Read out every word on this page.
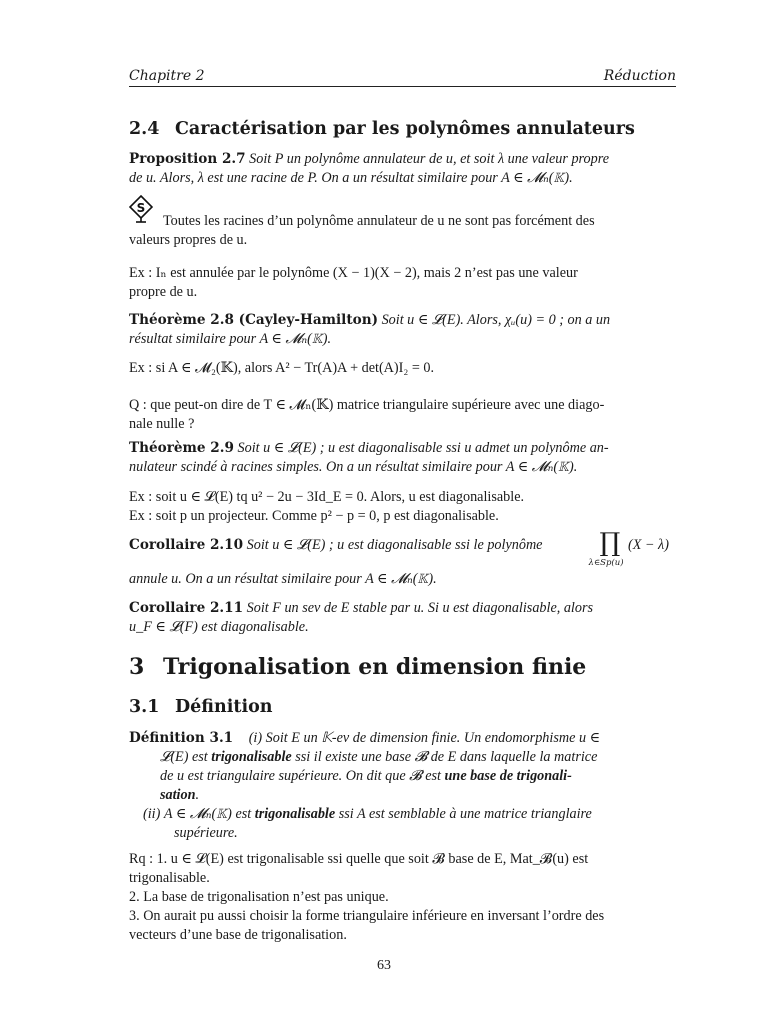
Chapitre 2	Réduction
2.4 Caractérisation par les polynômes annulateurs
Proposition 2.7 Soit P un polynôme annulateur de u, et soit λ une valeur propre
de u. Alors, λ est une racine de P. On a un résultat similaire pour A ∈ 𝓜ₙ(𝕂).
S
Toutes les racines d’un polynôme annulateur de u ne sont pas forcément des
valeurs propres de u.
Ex : Iₙ est annulée par le polynôme (X − 1)(X − 2), mais 2 n’est pas une valeur
propre de u.
Théorème 2.8 (Cayley-Hamilton) Soit u ∈ 𝓛(E). Alors, χᵤ(u) = 0 ; on a un
résultat similaire pour A ∈ 𝓜ₙ(𝕂).
Ex : si A ∈ 𝓜₂(𝕂), alors A² − Tr(A)A + det(A)I₂ = 0.
Q : que peut-on dire de T ∈ 𝓜ₙ(𝕂) matrice triangulaire supérieure avec une diago-
nale nulle ?
Théorème 2.9 Soit u ∈ 𝓛(E) ; u est diagonalisable ssi u admet un polynôme an-
nulateur scindé à racines simples. On a un résultat similaire pour A ∈ 𝓜ₙ(𝕂).
Ex : soit u ∈ 𝓛(E) tq u² − 2u − 3Id_E = 0. Alors, u est diagonalisable.
Ex : soit p un projecteur. Comme p² − p = 0, p est diagonalisable.
Corollaire 2.10 Soit u ∈ 𝓛(E) ; u est diagonalisable ssi le polynôme	∏
λ∈Sp(u)
(X − λ)
annule u. On a un résultat similaire pour A ∈ 𝓜ₙ(𝕂).
Corollaire 2.11 Soit F un sev de E stable par u. Si u est diagonalisable, alors
u_F ∈ 𝓛(F) est diagonalisable.
3 Trigonalisation en dimension finie
3.1 Définition
Définition 3.1 (i) Soit E un 𝕂-ev de dimension finie. Un endomorphisme u ∈
𝓛(E) est trigonalisable ssi il existe une base 𝓑 de E dans laquelle la matrice
de u est triangulaire supérieure. On dit que 𝓑 est une base de trigonali-
sation.
(ii) A ∈ 𝓜ₙ(𝕂) est trigonalisable ssi A est semblable à une matrice trianglaire
supérieure.
Rq : 1. u ∈ 𝓛(E) est trigonalisable ssi quelle que soit 𝓑 base de E, Mat_𝓑(u) est
trigonalisable.
2. La base de trigonalisation n’est pas unique.
3. On aurait pu aussi choisir la forme triangulaire inférieure en inversant l’ordre des
vecteurs d’une base de trigonalisation.
63
